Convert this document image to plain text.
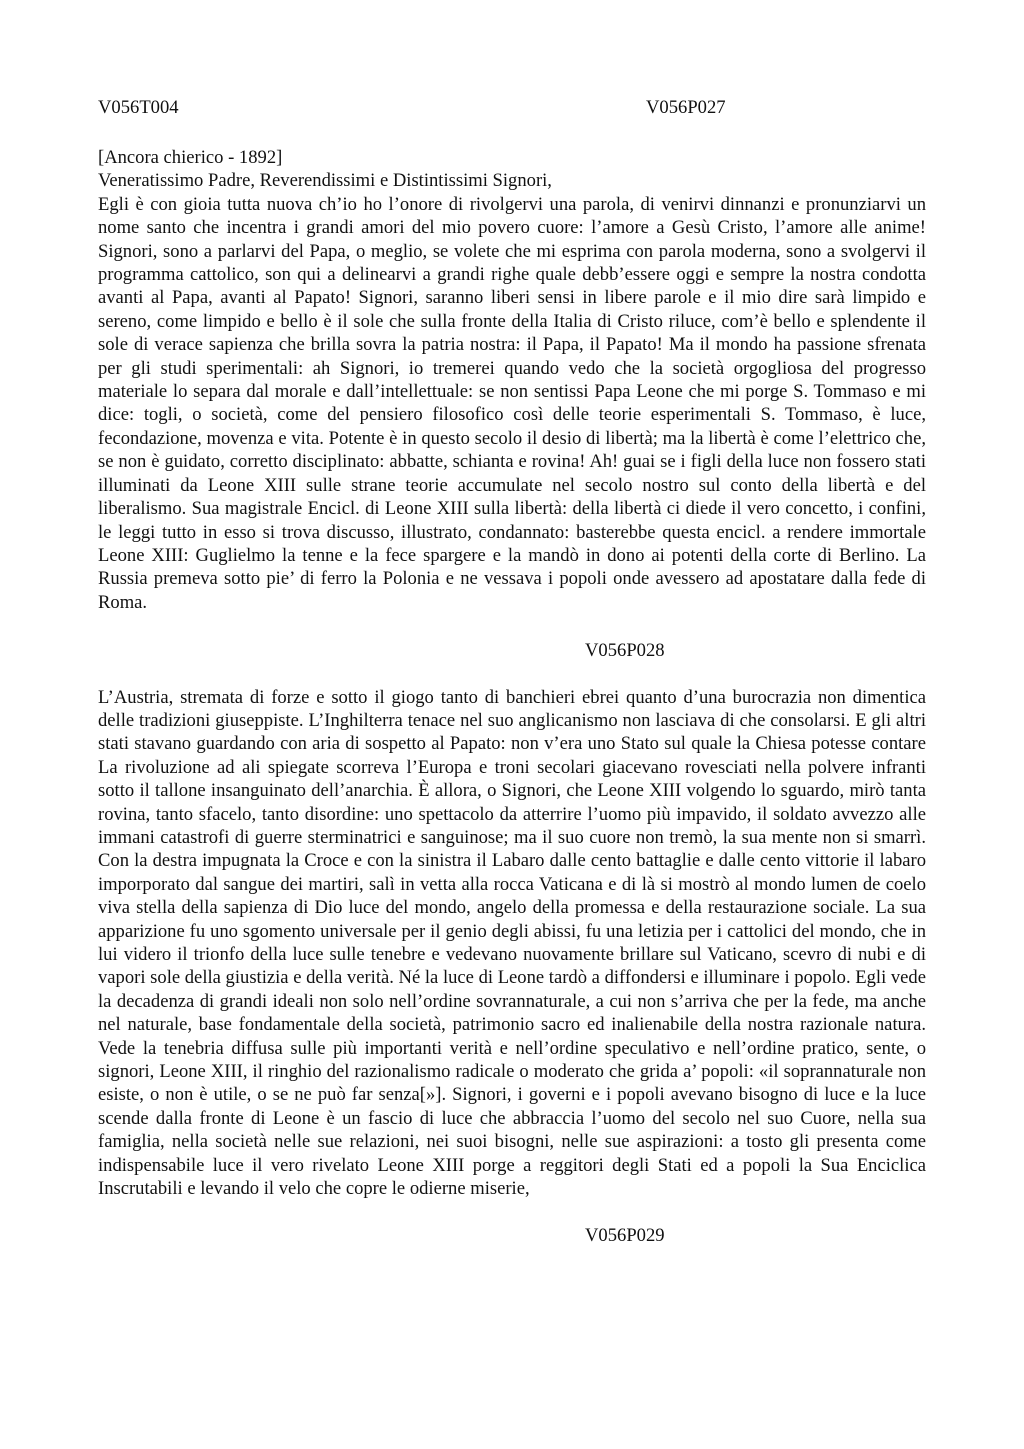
V056T004	V056P027
[Ancora chierico - 1892]
Veneratissimo Padre, Reverendissimi e Distintissimi Signori,

Egli è con gioia tutta nuova ch’io ho l’onore di rivolgervi una parola, di venirvi dinnanzi e pronunziarvi un nome santo che incentra i grandi amori del mio povero cuore: l’amore a Gesù Cristo, l’amore alle anime! Signori, sono a parlarvi del Papa, o meglio, se volete che mi esprima con parola moderna, sono a svolgervi il programma cattolico, son qui a delinearvi a grandi righe quale debb’essere oggi e sempre la nostra condotta avanti al Papa, avanti al Papato! Signori, saranno liberi sensi in libere parole e il mio dire sarà limpido e sereno, come limpido e bello è il sole che sulla fronte della Italia di Cristo riluce, com’è bello e splendente il sole di verace sapienza che brilla sovra la patria nostra: il Papa, il Papato! Ma il mondo ha passione sfrenata per gli studi sperimentali: ah Signori, io tremerei quando vedo che la società orgogliosa del progresso materiale lo separa dal morale e dall’intellettuale: se non sentissi Papa Leone che mi porge S. Tommaso e mi dice: togli, o società, come del pensiero filosofico così delle teorie esperimentali S. Tommaso, è luce, fecondazione, movenza e vita. Potente è in questo secolo il desio di libertà; ma la libertà è come l’elettrico che, se non è guidato, corretto disciplinato: abbatte, schianta e rovina! Ah! guai se i figli della luce non fossero stati illuminati da Leone XIII sulle strane teorie accumulate nel secolo nostro sul conto della libertà e del liberalismo. Sua magistrale Encicl. di Leone XIII sulla libertà: della libertà ci diede il vero concetto, i confini, le leggi tutto in esso si trova discusso, illustrato, condannato: basterebbe questa encicl. a rendere immortale Leone XIII: Guglielmo la tenne e la fece spargere e la mandò in dono ai potenti della corte di Berlino. La Russia premeva sotto pie’ di ferro la Polonia e ne vessava i popoli onde avessero ad apostatare dalla fede di Roma.

V056P028

L’Austria, stremata di forze e sotto il giogo tanto di banchieri ebrei quanto d’una burocrazia non dimentica delle tradizioni giuseppiste. L’Inghilterra tenace nel suo anglicanismo non lasciava di che consolarsi. E gli altri stati stavano guardando con aria di sospetto al Papato: non v’era uno Stato sul quale la Chiesa potesse contare La rivoluzione ad ali spiegate scorreva l’Europa e troni secolari giacevano rovesciati nella polvere infranti sotto il tallone insanguinato dell’anarchia. È allora, o Signori, che Leone XIII volgendo lo sguardo, mirò tanta rovina, tanto sfacelo, tanto disordine: uno spettacolo da atterrire l’uomo più impavido, il soldato avvezzo alle immani catastrofi di guerre sterminatrici e sanguinose; ma il suo cuore non tremò, la sua mente non si smarrì. Con la destra impugnata la Croce e con la sinistra il Labaro dalle cento battaglie e dalle cento vittorie il labaro imporporato dal sangue dei martiri, salì in vetta alla rocca Vaticana e di là si mostrò al mondo lumen de coelo viva stella della sapienza di Dio luce del mondo, angelo della promessa e della restaurazione sociale. La sua apparizione fu uno sgomento universale per il genio degli abissi, fu una letizia per i cattolici del mondo, che in lui videro il trionfo della luce sulle tenebre e vedevano nuovamente brillare sul Vaticano, scevro di nubi e di vapori sole della giustizia e della verità. Né la luce di Leone tardò a diffondersi e illuminare i popolo. Egli vede la decadenza di grandi ideali non solo nell’ordine sovrannaturale, a cui non s’arriva che per la fede, ma anche nel naturale, base fondamentale della società, patrimonio sacro ed inalienabile della nostra razionale natura. Vede la tenebria diffusa sulle più importanti verità e nell’ordine speculativo e nell’ordine pratico, sente, o signori, Leone XIII, il ringhio del razionalismo radicale o moderato che grida a’ popoli: «il soprannaturale non esiste, o non è utile, o se ne può far senza[»]. Signori, i governi e i popoli avevano bisogno di luce e la luce scende dalla fronte di Leone è un fascio di luce che abbraccia l’uomo del secolo nel suo Cuore, nella sua famiglia, nella società nelle sue relazioni, nei suoi bisogni, nelle sue aspirazioni: a tosto gli presenta come indispensabile luce il vero rivelato Leone XIII porge a reggitori degli Stati ed a popoli la Sua Enciclica Inscrutabili e levando il velo che copre le odierne miserie,

V056P029
